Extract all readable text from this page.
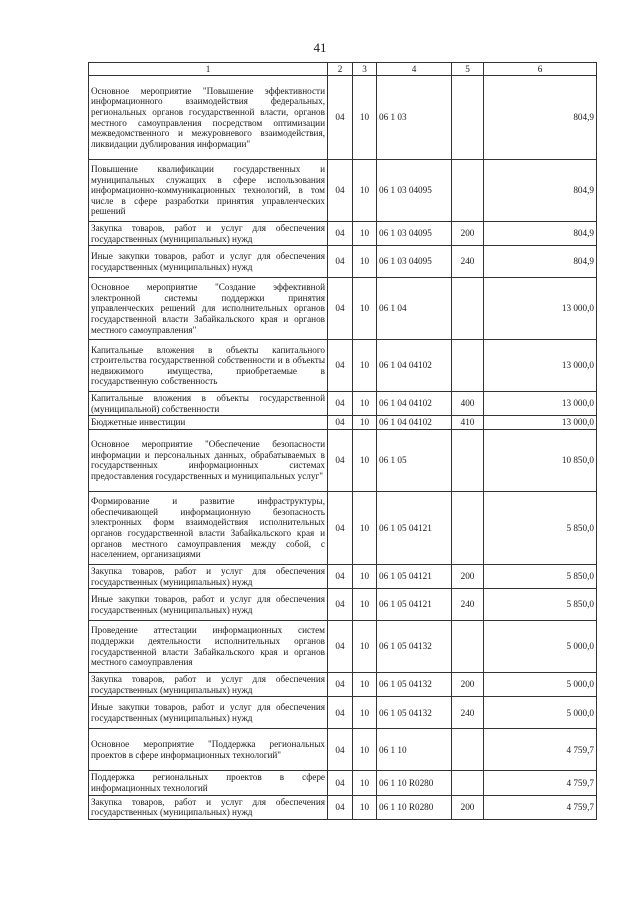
41
1	2	3	4	5	6
Основное мероприятие "Повышение эффективности информационного взаимодействия федеральных, региональных органов государственной власти, органов местного самоуправления посредством оптимизации межведомственного и межуровневого взаимодействия, ликвидации дублирования информации"	04	10	06 1 03		804,9
Повышение квалификации государственных и муниципальных служащих в сфере использования информационно-коммуникационных технологий, в том числе в сфере разработки принятия управленческих решений	04	10	06 1 03 04095		804,9
Закупка товаров, работ и услуг для обеспечения государственных (муниципальных) нужд	04	10	06 1 03 04095	200	804,9
Иные закупки товаров, работ и услуг для обеспечения государственных (муниципальных) нужд	04	10	06 1 03 04095	240	804,9
Основное мероприятие "Создание эффективной электронной системы поддержки принятия управленческих решений для исполнительных органов государственной власти Забайкальского края и органов местного самоуправления"	04	10	06 1 04		13 000,0
Капитальные вложения в объекты капитального строительства государственной собственности и в объекты недвижимого имущества, приобретаемые в государственную собственность	04	10	06 1 04 04102		13 000,0
Капитальные вложения в объекты государственной (муниципальной) собственности	04	10	06 1 04 04102	400	13 000,0
Бюджетные инвестиции	04	10	06 1 04 04102	410	13 000,0
Основное мероприятие "Обеспечение безопасности информации и персональных данных, обрабатываемых в государственных информационных системах предоставления государственных и муниципальных услуг"	04	10	06 1 05		10 850,0
Формирование и развитие инфраструктуры, обеспечивающей информационную безопасность электронных форм взаимодействия исполнительных органов государственной власти Забайкальского края и органов местного самоуправления между собой, с населением, организациями	04	10	06 1 05 04121		5 850,0
Закупка товаров, работ и услуг для обеспечения государственных (муниципальных) нужд	04	10	06 1 05 04121	200	5 850,0
Иные закупки товаров, работ и услуг для обеспечения государственных (муниципальных) нужд	04	10	06 1 05 04121	240	5 850,0
Проведение аттестации информационных систем поддержки деятельности исполнительных органов государственной власти Забайкальского края и органов местного самоуправления	04	10	06 1 05 04132		5 000,0
Закупка товаров, работ и услуг для обеспечения государственных (муниципальных) нужд	04	10	06 1 05 04132	200	5 000,0
Иные закупки товаров, работ и услуг для обеспечения государственных (муниципальных) нужд	04	10	06 1 05 04132	240	5 000,0
Основное мероприятие "Поддержка региональных проектов в сфере информационных технологий"	04	10	06 1 10		4 759,7
Поддержка региональных проектов в сфере информационных технологий	04	10	06 1 10 R0280		4 759,7
Закупка товаров, работ и услуг для обеспечения государственных (муниципальных) нужд	04	10	06 1 10 R0280	200	4 759,7
